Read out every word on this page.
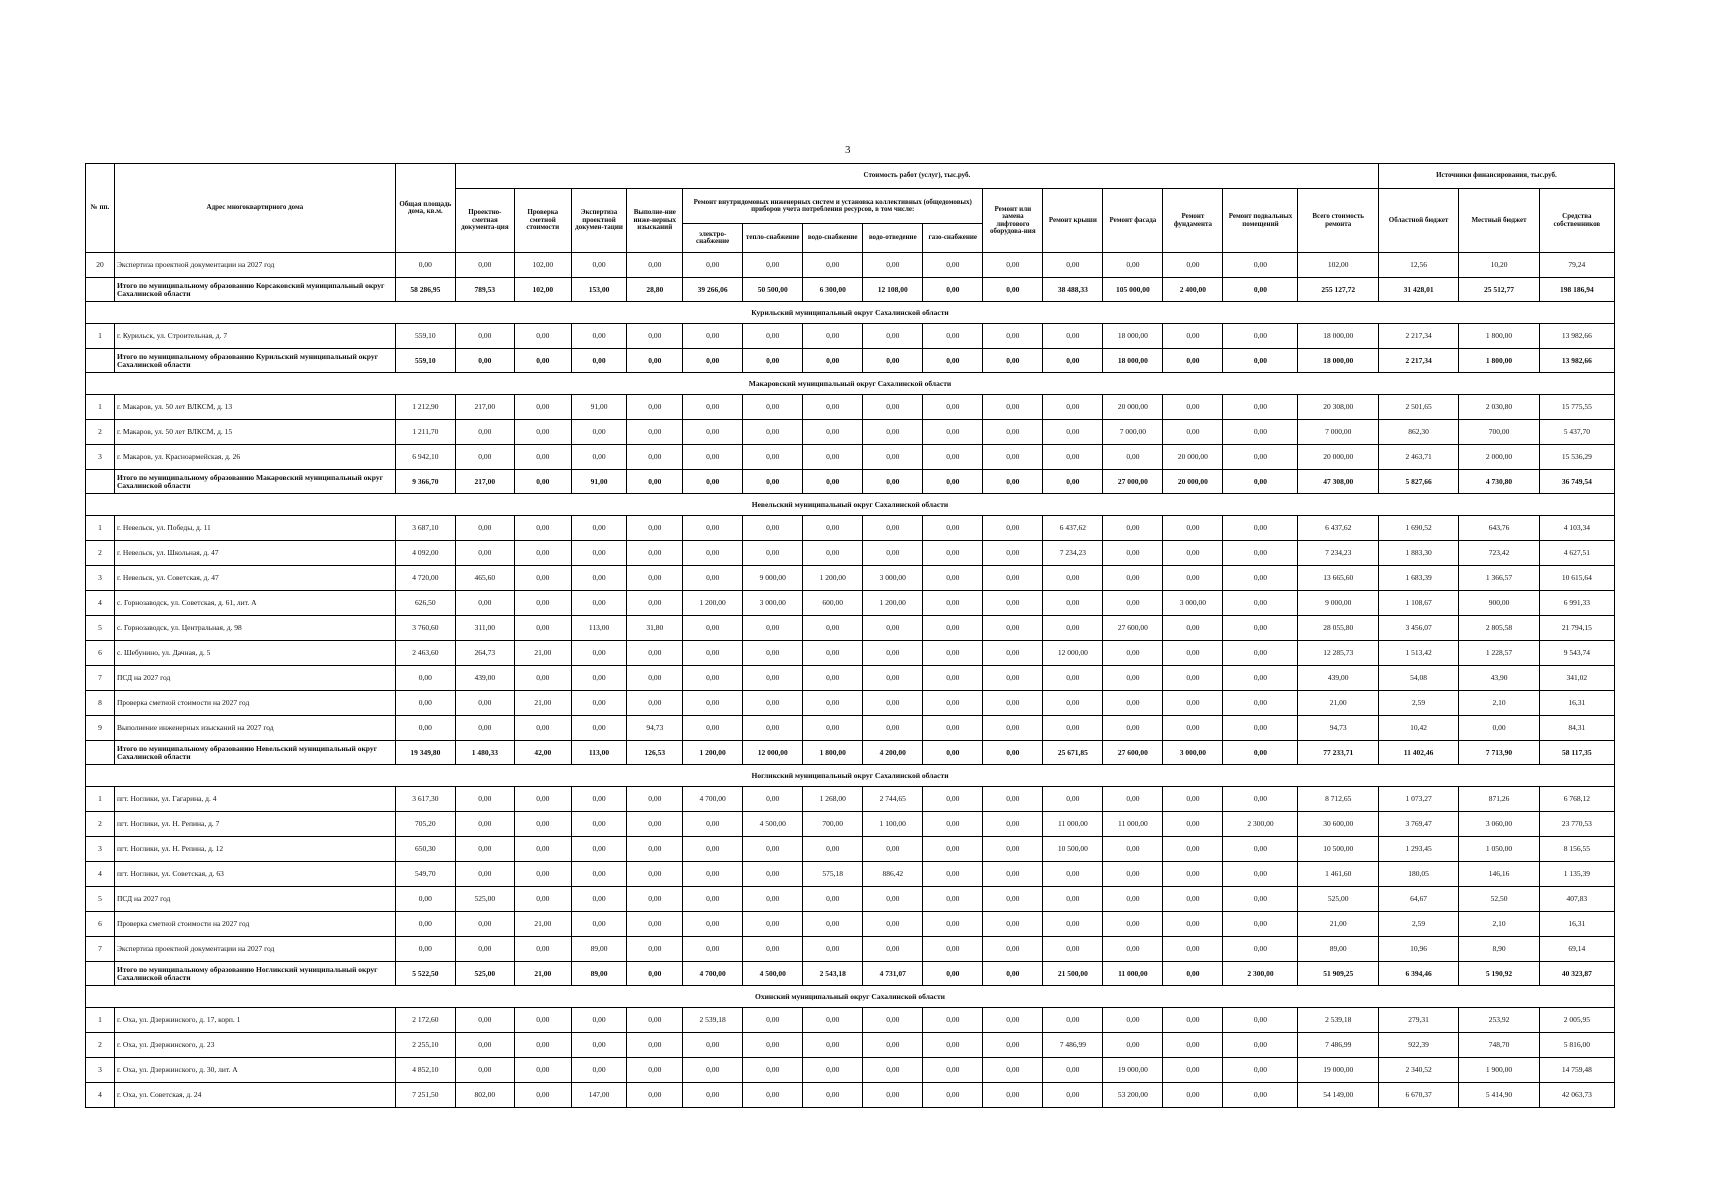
3
№ пп.	Адрес многоквартирного дома	Общая площадь дома, кв.м.	Стоимость работ (услуг), тыс.руб.															Источники финансирования, тыс.руб.		
			Проектно-сметная документа-ция	Проверка сметной стоимости	Экспертиза проектной докумен-тации	Выполне-ние инже-нерных изысканий	Ремонт внутридомовых инженерных систем и установка коллективных (общедомовых) приборов учета потребления ресурсов, в том числе:					Ремонт или замена лифтового оборудова-ния	Ремонт крыши	Ремонт фасада	Ремонт фундамента	Ремонт подвальных помещений	Всего стоимость ремонта	Областной бюджет	Местный бюджет	Средства собственников
							электро-снабжение	тепло-снабжение	водо-снабжение	водо-отведение	газо-снабжение									
20	Экспертиза проектной документации на 2027 год	0,00	0,00	102,00	0,00	0,00	0,00	0,00	0,00	0,00	0,00	0,00	0,00	0,00	0,00	0,00	102,00	12,56	10,20	79,24
	Итого по муниципальному образованию Корсаковский муниципальный округ Сахалинской области	58 286,95	789,53	102,00	153,00	28,80	39 266,06	50 500,00	6 300,00	12 108,00	0,00	0,00	38 488,33	105 000,00	2 400,00	0,00	255 127,72	31 428,01	25 512,77	198 186,94
Курильский муниципальный округ Сахалинской области																				
1	г. Курильск, ул. Строительная, д. 7	559,10	0,00	0,00	0,00	0,00	0,00	0,00	0,00	0,00	0,00	0,00	0,00	18 000,00	0,00	0,00	18 000,00	2 217,34	1 800,00	13 982,66
	Итого по муниципальному образованию Курильский муниципальный округ Сахалинской области	559,10	0,00	0,00	0,00	0,00	0,00	0,00	0,00	0,00	0,00	0,00	0,00	18 000,00	0,00	0,00	18 000,00	2 217,34	1 800,00	13 982,66
Макаровский муниципальный округ Сахалинской области																				
1	г. Макаров, ул. 50 лет ВЛКСМ, д. 13	1 212,90	217,00	0,00	91,00	0,00	0,00	0,00	0,00	0,00	0,00	0,00	0,00	20 000,00	0,00	0,00	20 308,00	2 501,65	2 030,80	15 775,55
2	г. Макаров, ул. 50 лет ВЛКСМ, д. 15	1 211,70	0,00	0,00	0,00	0,00	0,00	0,00	0,00	0,00	0,00	0,00	0,00	7 000,00	0,00	0,00	7 000,00	862,30	700,00	5 437,70
3	г. Макаров, ул. Красноармейская, д. 26	6 942,10	0,00	0,00	0,00	0,00	0,00	0,00	0,00	0,00	0,00	0,00	0,00	0,00	20 000,00	0,00	20 000,00	2 463,71	2 000,00	15 536,29
	Итого по муниципальному образованию Макаровский муниципальный округ Сахалинской области	9 366,70	217,00	0,00	91,00	0,00	0,00	0,00	0,00	0,00	0,00	0,00	0,00	27 000,00	20 000,00	0,00	47 308,00	5 827,66	4 730,80	36 749,54
Невельский муниципальный округ Сахалинской области																				
1	г. Невельск, ул. Победы, д. 11	3 687,10	0,00	0,00	0,00	0,00	0,00	0,00	0,00	0,00	0,00	0,00	6 437,62	0,00	0,00	0,00	6 437,62	1 690,52	643,76	4 103,34
2	г. Невельск, ул. Школьная, д. 47	4 092,00	0,00	0,00	0,00	0,00	0,00	0,00	0,00	0,00	0,00	0,00	7 234,23	0,00	0,00	0,00	7 234,23	1 883,30	723,42	4 627,51
3	г. Невельск, ул. Советская, д. 47	4 720,00	465,60	0,00	0,00	0,00	0,00	9 000,00	1 200,00	3 000,00	0,00	0,00	0,00	0,00	0,00	0,00	13 665,60	1 683,39	1 366,57	10 615,64
4	с. Горнозаводск, ул. Советская, д. 61, лит. А	626,50	0,00	0,00	0,00	0,00	1 200,00	3 000,00	600,00	1 200,00	0,00	0,00	0,00	0,00	3 000,00	0,00	9 000,00	1 108,67	900,00	6 991,33
5	с. Горнозаводск, ул. Центральная, д. 98	3 760,60	311,00	0,00	113,00	31,80	0,00	0,00	0,00	0,00	0,00	0,00	0,00	27 600,00	0,00	0,00	28 055,80	3 456,07	2 805,58	21 794,15
6	с. Шебунино, ул. Дачная, д. 5	2 463,60	264,73	21,00	0,00	0,00	0,00	0,00	0,00	0,00	0,00	0,00	12 000,00	0,00	0,00	0,00	12 285,73	1 513,42	1 228,57	9 543,74
7	ПСД на 2027 год	0,00	439,00	0,00	0,00	0,00	0,00	0,00	0,00	0,00	0,00	0,00	0,00	0,00	0,00	0,00	439,00	54,08	43,90	341,02
8	Проверка сметной стоимости на 2027 год	0,00	0,00	21,00	0,00	0,00	0,00	0,00	0,00	0,00	0,00	0,00	0,00	0,00	0,00	0,00	21,00	2,59	2,10	16,31
9	Выполнение инженерных изысканий на 2027 год	0,00	0,00	0,00	0,00	94,73	0,00	0,00	0,00	0,00	0,00	0,00	0,00	0,00	0,00	0,00	94,73	10,42	0,00	84,31
	Итого по муниципальному образованию Невельский муниципальный округ Сахалинской области	19 349,80	1 480,33	42,00	113,00	126,53	1 200,00	12 000,00	1 800,00	4 200,00	0,00	0,00	25 671,85	27 600,00	3 000,00	0,00	77 233,71	11 402,46	7 713,90	58 117,35
Ногликский муниципальный округ Сахалинской области																				
1	пгт. Ноглики, ул. Гагарина, д. 4	3 617,30	0,00	0,00	0,00	0,00	4 700,00	0,00	1 268,00	2 744,65	0,00	0,00	0,00	0,00	0,00	0,00	8 712,65	1 073,27	871,26	6 768,12
2	пгт. Ноглики, ул. Н. Репина, д. 7	705,20	0,00	0,00	0,00	0,00	0,00	4 500,00	700,00	1 100,00	0,00	0,00	11 000,00	11 000,00	0,00	2 300,00	30 600,00	3 769,47	3 060,00	23 770,53
3	пгт. Ноглики, ул. Н. Репина, д. 12	650,30	0,00	0,00	0,00	0,00	0,00	0,00	0,00	0,00	0,00	0,00	10 500,00	0,00	0,00	0,00	10 500,00	1 293,45	1 050,00	8 156,55
4	пгт. Ноглики, ул. Советская, д. 63	549,70	0,00	0,00	0,00	0,00	0,00	0,00	575,18	886,42	0,00	0,00	0,00	0,00	0,00	0,00	1 461,60	180,05	146,16	1 135,39
5	ПСД на 2027 год	0,00	525,00	0,00	0,00	0,00	0,00	0,00	0,00	0,00	0,00	0,00	0,00	0,00	0,00	0,00	525,00	64,67	52,50	407,83
6	Проверка сметной стоимости на 2027 год	0,00	0,00	21,00	0,00	0,00	0,00	0,00	0,00	0,00	0,00	0,00	0,00	0,00	0,00	0,00	21,00	2,59	2,10	16,31
7	Экспертиза проектной документации на 2027 год	0,00	0,00	0,00	89,00	0,00	0,00	0,00	0,00	0,00	0,00	0,00	0,00	0,00	0,00	0,00	89,00	10,96	8,90	69,14
	Итого по муниципальному образованию Ногликский муниципальный округ Сахалинской области	5 522,50	525,00	21,00	89,00	0,00	4 700,00	4 500,00	2 543,18	4 731,07	0,00	0,00	21 500,00	11 000,00	0,00	2 300,00	51 909,25	6 394,46	5 190,92	40 323,87
Охинский муниципальный округ Сахалинской области																				
1	г. Оха, ул. Дзержинского, д. 17, корп. 1	2 172,60	0,00	0,00	0,00	0,00	2 539,18	0,00	0,00	0,00	0,00	0,00	0,00	0,00	0,00	0,00	2 539,18	279,31	253,92	2 005,95
2	г. Оха, ул. Дзержинского, д. 23	2 255,10	0,00	0,00	0,00	0,00	0,00	0,00	0,00	0,00	0,00	0,00	7 486,99	0,00	0,00	0,00	7 486,99	922,39	748,70	5 816,00
3	г. Оха, ул. Дзержинского, д. 30, лит. А	4 852,10	0,00	0,00	0,00	0,00	0,00	0,00	0,00	0,00	0,00	0,00	0,00	19 000,00	0,00	0,00	19 000,00	2 340,52	1 900,00	14 759,48
4	г. Оха, ул. Советская, д. 24	7 251,50	802,00	0,00	147,00	0,00	0,00	0,00	0,00	0,00	0,00	0,00	0,00	53 200,00	0,00	0,00	54 149,00	6 670,37	5 414,90	42 063,73
